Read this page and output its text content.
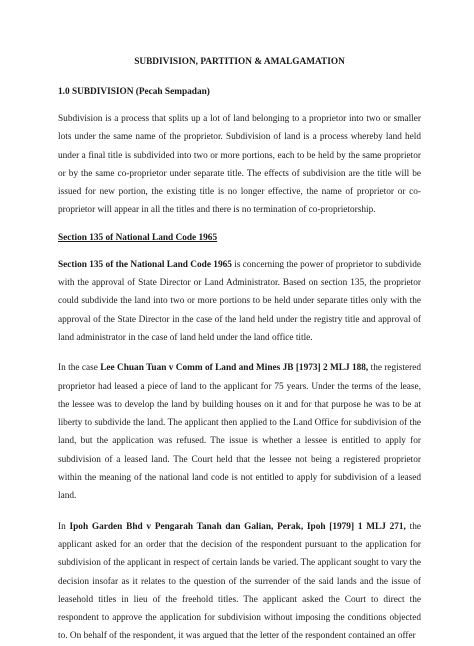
SUBDIVISION, PARTITION & AMALGAMATION
1.0 SUBDIVISION (Pecah Sempadan)

Subdivision is a process that splits up a lot of land belonging to a proprietor into two or smaller lots under the same name of the proprietor. Subdivision of land is a process whereby land held under a final title is subdivided into two or more portions, each to be held by the same proprietor or by the same co-proprietor under separate title. The effects of subdivision are the title will be issued for new portion, the existing title is no longer effective, the name of proprietor or co-proprietor will appear in all the titles and there is no termination of co-proprietorship.

Section 135 of National Land Code 1965

Section 135 of the National Land Code 1965 is concerning the power of proprietor to subdivide with the approval of State Director or Land Administrator. Based on section 135, the proprietor could subdivide the land into two or more portions to be held under separate titles only with the approval of the State Director in the case of the land held under the registry title and approval of land administrator in the case of land held under the land office title.

In the case Lee Chuan Tuan v Comm of Land and Mines JB [1973] 2 MLJ 188, the registered proprietor had leased a piece of land to the applicant for 75 years. Under the terms of the lease, the lessee was to develop the land by building houses on it and for that purpose he was to be at liberty to subdivide the land. The applicant then applied to the Land Office for subdivision of the land, but the application was refused. The issue is whether a lessee is entitled to apply for subdivision of a leased land. The Court held that the lessee not being a registered proprietor within the meaning of the national land code is not entitled to apply for subdivision of a leased land.

In Ipoh Garden Bhd v Pengarah Tanah dan Galian, Perak, Ipoh [1979] 1 MLJ 271, the applicant asked for an order that the decision of the respondent pursuant to the application for subdivision of the applicant in respect of certain lands be varied. The applicant sought to vary the decision insofar as it relates to the question of the surrender of the said lands and the issue of leasehold titles in lieu of the freehold titles. The applicant asked the Court to direct the respondent to approve the application for subdivision without imposing the conditions objected to. On behalf of the respondent, it was argued that the letter of the respondent contained an offer
